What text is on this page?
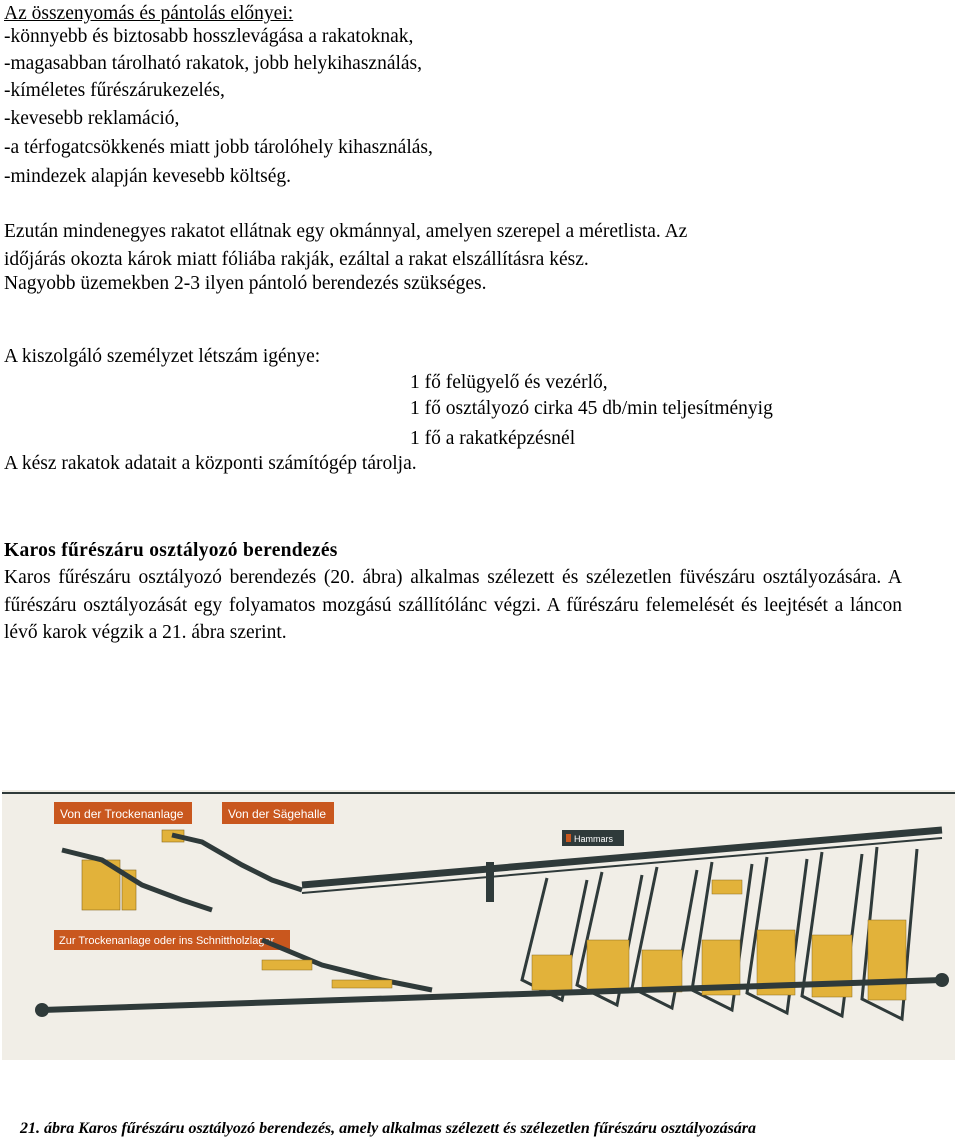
Az összenyomás és pántolás előnyei:
-könnyebb és biztosabb hosszlevágása a rakatoknak,
-magasabban tárolható rakatok, jobb helykihasználás,
-kíméletes fűrészárukezelés,
-kevesebb reklamáció,
-a térfogatcsökkenés miatt jobb tárolóhely kihasználás,
-mindezek alapján kevesebb költség.
Ezután mindenegyes rakatot ellátnak egy okmánnyal, amelyen szerepel a méretlista. Az
időjárás okozta károk miatt fóliába rakják, ezáltal a rakat elszállításra kész.
Nagyobb üzemekben 2-3 ilyen pántoló berendezés szükséges.
A kiszolgáló személyzet létszám igénye:
1 fő felügyelő és vezérlő,
1 fő osztályozó cirka 45 db/min teljesítményig
1 fő a rakatképzésnél
A kész rakatok adatait a központi számítógép tárolja.
Karos fűrészáru osztályozó berendezés
Karos fűrészáru osztályozó berendezés (20. ábra) alkalmas szélezett és szélezetlen füvészáru osztályozására. A fűrészáru osztályozását egy folyamatos mozgású szállítólánc végzi. A fűrészáru felemelését és leejtését a láncon lévő karok végzik a 21. ábra szerint.
Von der Trockenanlage	Von der Sägehalle
Zur Trockenanlage oder ins Schnittholzlager
Hammars
21. ábra Karos fűrészáru osztályozó berendezés, amely alkalmas szélezett és szélezetlen fűrészáru osztályozására
